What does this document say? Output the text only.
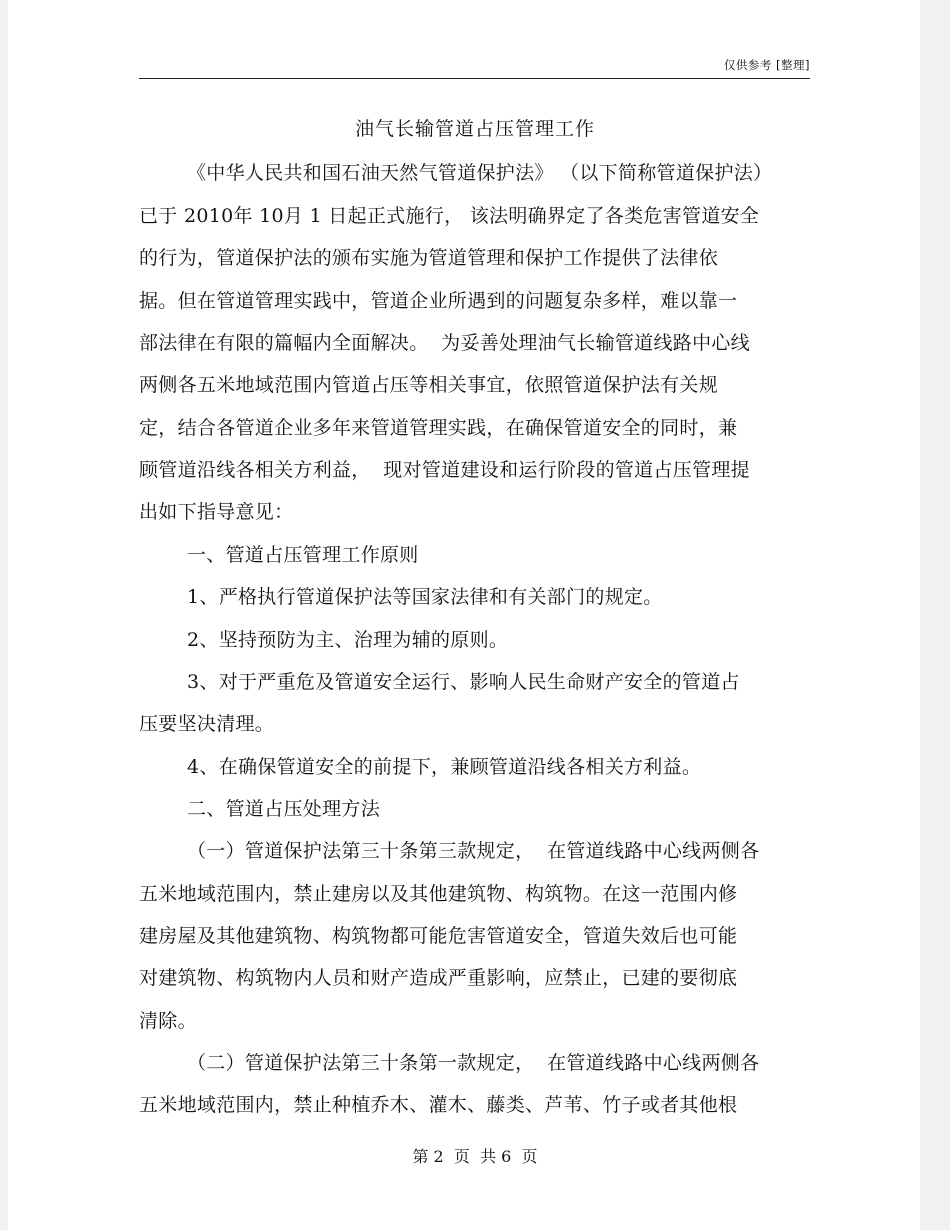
仅供参考 [整理]
油气长输管道占压管理工作
《中华人民共和国石油天然气管道保护法》 （以下简称管道保护法）
已于 2010年 10月 1 日起正式施行， 该法明确界定了各类危害管道安全
的行为，管道保护法的颁布实施为管道管理和保护工作提供了法律依
据。但在管道管理实践中，管道企业所遇到的问题复杂多样，难以靠一
部法律在有限的篇幅内全面解决。  为妥善处理油气长输管道线路中心线
两侧各五米地域范围内管道占压等相关事宜，依照管道保护法有关规
定，结合各管道企业多年来管道管理实践，在确保管道安全的同时，兼
顾管道沿线各相关方利益，  现对管道建设和运行阶段的管道占压管理提
出如下指导意见：
一、管道占压管理工作原则
1、严格执行管道保护法等国家法律和有关部门的规定。
2、坚持预防为主、治理为辅的原则。
3、对于严重危及管道安全运行、影响人民生命财产安全的管道占
压要坚决清理。
4、在确保管道安全的前提下，兼顾管道沿线各相关方利益。
二、管道占压处理方法
（一）管道保护法第三十条第三款规定，  在管道线路中心线两侧各
五米地域范围内，禁止建房以及其他建筑物、构筑物。在这一范围内修
建房屋及其他建筑物、构筑物都可能危害管道安全，管道失效后也可能
对建筑物、构筑物内人员和财产造成严重影响，应禁止，已建的要彻底
清除。
（二）管道保护法第三十条第一款规定，  在管道线路中心线两侧各
五米地域范围内，禁止种植乔木、灌木、藤类、芦苇、竹子或者其他根
第 2  页  共 6  页
